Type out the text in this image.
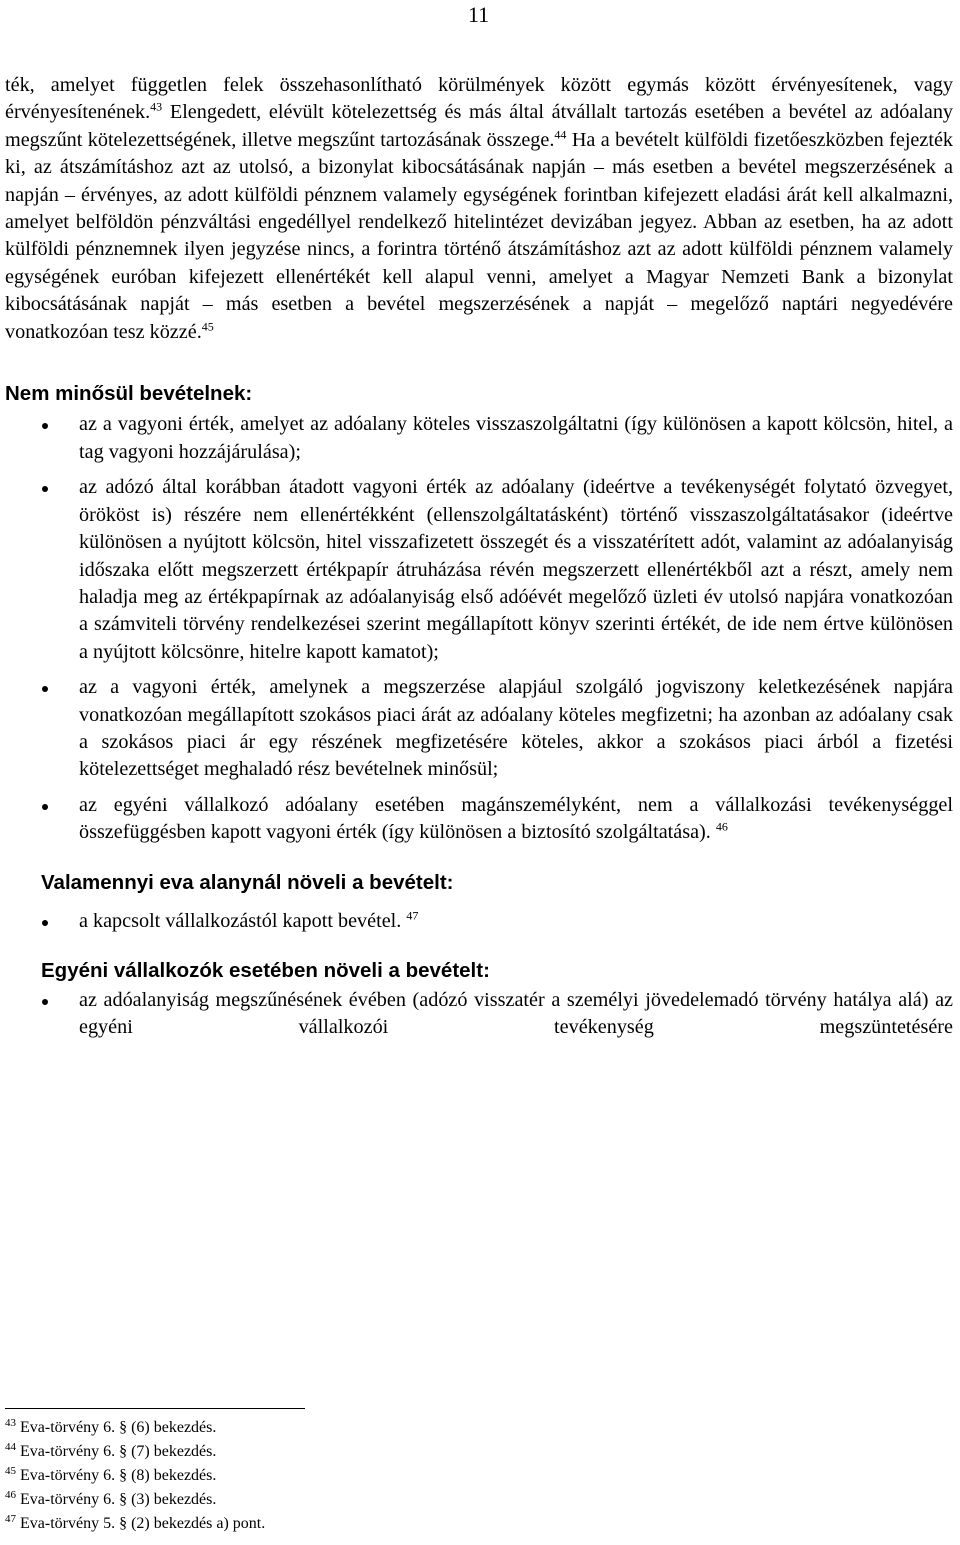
11

ték, amelyet független felek összehasonlítható körülmények között egymás között érvényesítenek, vagy érvényesítenének.$^{43}$ Elengedett, elévült kötelezettség és más által átvállalt tartozás esetében a bevétel az adóalany megszűnt kötelezettségének, illetve megszűnt tartozásának összege.$^{44}$ Ha a bevételt külföldi fizetőeszközben fejezték ki, az átszámításhoz azt az utolsó, a bizonylat kibocsátásának napján – más esetben a bevétel megszerzésének a napján – érvényes, az adott külföldi pénznem valamely egységének forintban kifejezett eladási árát kell alkalmazni, amelyet belföldön pénzváltási engedéllyel rendelkező hitelintézet devizában jegyez. Abban az esetben, ha az adott külföldi pénznemnek ilyen jegyzése nincs, a forintra történő átszámításhoz azt az adott külföldi pénznem valamely egységének euróban kifejezett ellenértékét kell alapul venni, amelyet a Magyar Nemzeti Bank a bizonylat kibocsátásának napját – más esetben a bevétel megszerzésének a napját – megelőző naptári negyedévére vonatkozóan tesz közzé.$^{45}$

Nem minősül bevételnek:
az a vagyoni érték, amelyet az adóalany köteles visszaszolgáltatni (így különösen a kapott kölcsön, hitel, a tag vagyoni hozzájárulása);
az adózó által korábban átadott vagyoni érték az adóalany (ideértve a tevékenységét folytató özvegyet, örököst is) részére nem ellenértékként (ellenszolgáltatásként) történő visszaszolgáltatásakor (ideértve különösen a nyújtott kölcsön, hitel visszafizetett összegét és a visszatérített adót, valamint az adóalanyiság időszaka előtt megszerzett értékpapír átruházása révén megszerzett ellenértékből azt a részt, amely nem haladja meg az értékpapírnak az adóalanyiság első adóévét megelőző üzleti év utolsó napjára vonatkozóan a számviteli törvény rendelkezései szerint megállapított könyv szerinti értékét, de ide nem értve különösen a nyújtott kölcsönre, hitelre kapott kamatot);
az a vagyoni érték, amelynek a megszerzése alapjául szolgáló jogviszony keletkezésének napjára vonatkozóan megállapított szokásos piaci árát az adóalany köteles megfizetni; ha azonban az adóalany csak a szokásos piaci ár egy részének megfizetésére köteles, akkor a szokásos piaci árból a fizetési kötelezettséget meghaladó rész bevételnek minősül;
az egyéni vállalkozó adóalany esetében magánszemélyként, nem a vállalkozási tevékenységgel összefüggésben kapott vagyoni érték (így különösen a biztosító szolgáltatása). $^{46}$
Valamennyi eva alanynál növeli a bevételt:
a kapcsolt vállalkozástól kapott bevétel. $^{47}$
Egyéni vállalkozók esetében növeli a bevételt:
az adóalanyiság megszűnésének évében (adózó visszatér a személyi jövedelemadó törvény hatálya alá) az egyéni vállalkozói tevékenység megszüntetésére
$^{43}$ Eva-törvény 6. § (6) bekezdés.
$^{44}$ Eva-törvény 6. § (7) bekezdés.
$^{45}$ Eva-törvény 6. § (8) bekezdés.
$^{46}$ Eva-törvény 6. § (3) bekezdés.
$^{47}$ Eva-törvény 5. § (2) bekezdés a) pont.
